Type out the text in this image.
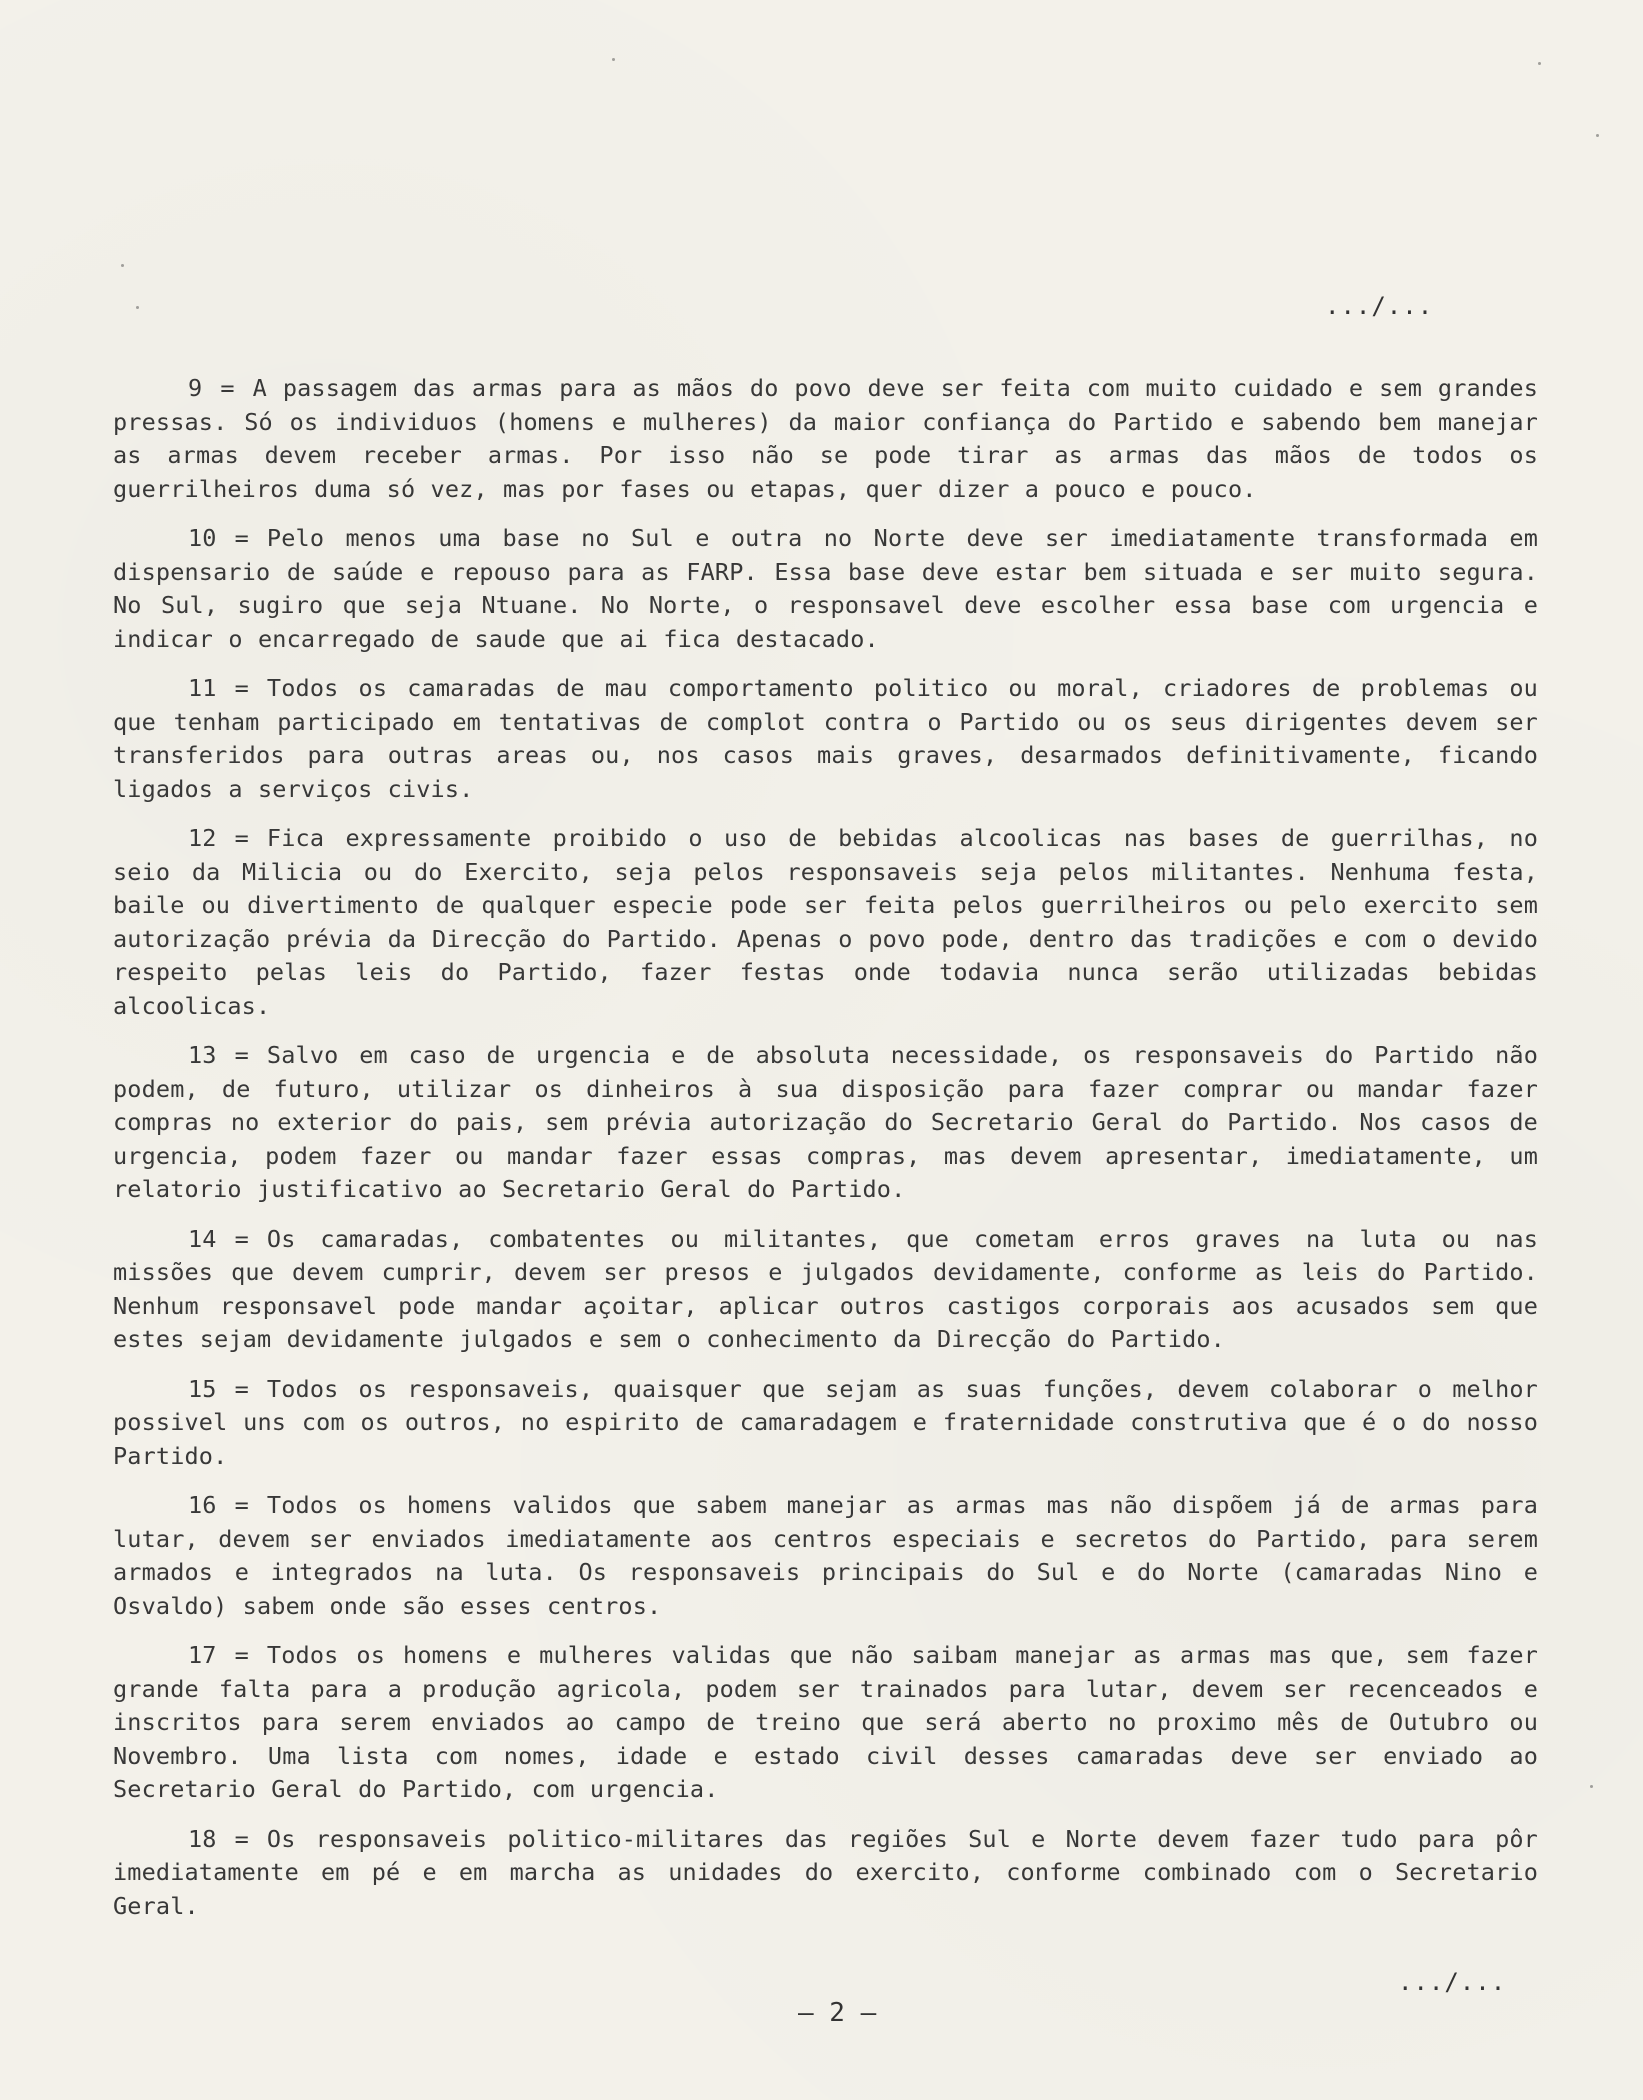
.../...

9 = A passagem das armas para as mãos do povo deve ser feita com muito cuidado e sem grandes pressas. Só os individuos (homens e mulheres) da maior confiança do Partido e sabendo bem manejar as armas devem receber armas. Por isso não se pode tirar as armas das mãos de todos os guerrilheiros duma só vez, mas por fases ou etapas, quer dizer a pouco e pouco.

10 = Pelo menos uma base no Sul e outra no Norte deve ser imediatamente transformada em dispensario de saúde e repouso para as FARP. Essa base deve estar bem situada e ser muito segura. No Sul, sugiro que seja Ntuane. No Norte, o responsavel deve escolher essa base com urgencia e indicar o encarregado de saude que ai fica destacado.

11 = Todos os camaradas de mau comportamento politico ou moral, criadores de problemas ou que tenham participado em tentativas de complot contra o Partido ou os seus dirigentes devem ser transferidos para outras areas ou, nos casos mais graves, desarmados definitivamente, ficando ligados a serviços civis.

12 = Fica expressamente proibido o uso de bebidas alcoolicas nas bases de guerrilhas, no seio da Milicia ou do Exercito, seja pelos responsaveis seja pelos militantes. Nenhuma festa, baile ou divertimento de qualquer especie pode ser feita pelos guerrilheiros ou pelo exercito sem autorização prévia da Direcção do Partido. Apenas o povo pode, dentro das tradições e com o devido respeito pelas leis do Partido, fazer festas onde todavia nunca serão utilizadas bebidas alcoolicas.

13 = Salvo em caso de urgencia e de absoluta necessidade, os responsaveis do Partido não podem, de futuro, utilizar os dinheiros à sua disposição para fazer comprar ou mandar fazer compras no exterior do pais, sem prévia autorização do Secretario Geral do Partido. Nos casos de urgencia, podem fazer ou mandar fazer essas compras, mas devem apresentar, imediatamente, um relatorio justificativo ao Secretario Geral do Partido.

14 = Os camaradas, combatentes ou militantes, que cometam erros graves na luta ou nas missões que devem cumprir, devem ser presos e julgados devidamente, conforme as leis do Partido. Nenhum responsavel pode mandar açoitar, aplicar outros castigos corporais aos acusados sem que estes sejam devidamente julgados e sem o conhecimento da Direcção do Partido.

15 = Todos os responsaveis, quaisquer que sejam as suas funções, devem colaborar o melhor possivel uns com os outros, no espirito de camaradagem e fraternidade construtiva que é o do nosso Partido.

16 = Todos os homens validos que sabem manejar as armas mas não dispõem já de armas para lutar, devem ser enviados imediatamente aos centros especiais e secretos do Partido, para serem armados e integrados na luta. Os responsaveis principais do Sul e do Norte (camaradas Nino e Osvaldo) sabem onde são esses centros.

17 = Todos os homens e mulheres validas que não saibam manejar as armas mas que, sem fazer grande falta para a produção agricola, podem ser trainados para lutar, devem ser recenceados e inscritos para serem enviados ao campo de treino que será aberto no proximo mês de Outubro ou Novembro. Uma lista com nomes, idade e estado civil desses camaradas deve ser enviado ao Secretario Geral do Partido, com urgencia.

18 = Os responsaveis politico-militares das regiões Sul e Norte devem fazer tudo para pôr imediatamente em pé e em marcha as unidades do exercito, conforme combinado com o Secretario Geral.

.../...
– 2 –
